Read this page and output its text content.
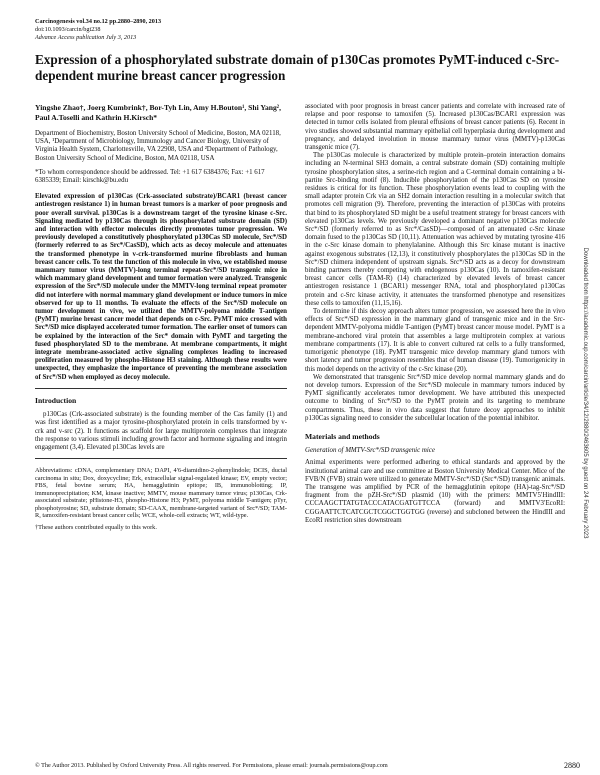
Carcinogenesis vol.34 no.12 pp.2880–2890, 2013
doi:10.1093/carcin/bgt238
Advance Access publication July 3, 2013
Expression of a phosphorylated substrate domain of p130Cas promotes PyMT-induced c-Src-dependent murine breast cancer progression
Yingshe Zhao†, Joerg Kumbrink†, Bor-Tyh Lin, Amy H.Bouton¹, Shi Yang², Paul A.Toselli and Kathrin H.Kirsch*
Department of Biochemistry, Boston University School of Medicine, Boston, MA 02118, USA, ¹Department of Microbiology, Immunology and Cancer Biology, University of Virginia Health System, Charlottesville, VA 22908, USA and ²Department of Pathology, Boston University School of Medicine, Boston, MA 02118, USA
*To whom correspondence should be addressed. Tel: +1 617 6384376; Fax: +1 617 6385339; Email: kirschk@bu.edu
Elevated expression of p130Cas (Crk-associated substrate)/BCAR1 (breast cancer antiestrogen resistance 1) in human breast tumors is a marker of poor prognosis and poor overall survival. p130Cas is a downstream target of the tyrosine kinase c-Src. Signaling mediated by p130Cas through its phosphorylated substrate domain (SD) and interaction with effector molecules directly promotes tumor progression. We previously developed a constitutively phosphorylated p130Cas SD molecule, Src*/SD (formerly referred to as Src*/CasSD), which acts as decoy molecule and attenuates the transformed phenotype in v-crk-transformed murine fibroblasts and human breast cancer cells. To test the function of this molecule in vivo, we established mouse mammary tumor virus (MMTV)-long terminal repeat-Src*/SD transgenic mice in which mammary gland development and tumor formation were analyzed. Transgenic expression of the Src*/SD molecule under the MMTV-long terminal repeat promoter did not interfere with normal mammary gland development or induce tumors in mice observed for up to 11 months. To evaluate the effects of the Src*/SD molecule on tumor development in vivo, we utilized the MMTV-polyoma middle T-antigen (PyMT) murine breast cancer model that depends on c-Src. PyMT mice crossed with Src*/SD mice displayed accelerated tumor formation. The earlier onset of tumors can be explained by the interaction of the Src* domain with PyMT and targeting the fused phosphorylated SD to the membrane. At membrane compartments, it might integrate membrane-associated active signaling complexes leading to increased proliferation measured by phospho-Histone H3 staining. Although these results were unexpected, they emphasize the importance of preventing the membrane association of Src*/SD when employed as decoy molecule.
Introduction

p130Cas (Crk-associated substrate) is the founding member of the Cas family (1) and was first identified as a major tyrosine-phosphorylated protein in cells transformed by v-crk and v-src (2). It functions as scaffold for large multiprotein complexes that integrate the response to various stimuli including growth factor and hormone signaling and integrin engagement (3,4). Elevated p130Cas levels are

Abbreviations: cDNA, complementary DNA; DAPI, 4′6-diamidino-2-phenylindole; DCIS, ductal carcinoma in situ; Dox, doxycycline; Erk, extracellular signal-regulated kinase; EV, empty vector; FBS, fetal bovine serum; HA, hemagglutinin epitope; IB, immunoblotting; IP, immunoprecipitation; KM, kinase inactive; MMTV, mouse mammary tumor virus; p130Cas, Crk-associated substrate; pHistone-H3, phospho-Histone H3; PyMT, polyoma middle T-antigen; pTyr, phosphotyrosine; SD, substrate domain; SD-CAAX, membrane-targeted variant of Src*/SD; TAM-R, tamoxifen-resistant breast cancer cells; WCE, whole-cell extracts; WT, wild-type.
†These authors contributed equally to this work.

associated with poor prognosis in breast cancer patients and correlate with increased rate of relapse and poor response to tamoxifen (5). Increased p130Cas/BCAR1 expression was detected in tumor cells isolated from pleural effusions of breast cancer patients (6). Recent in vivo studies showed substantial mammary epithelial cell hyperplasia during development and pregnancy, and delayed involution in mouse mammary tumor virus (MMTV)-p130Cas transgenic mice (7).

The p130Cas molecule is characterized by multiple protein–protein interaction domains including an N-terminal SH3 domain, a central substrate domain (SD) containing multiple tyrosine phosphorylation sites, a serine-rich region and a C-terminal domain containing a bi-partite Src-binding motif (8). Inducible phosphorylation of the p130Cas SD on tyrosine residues is critical for its function. These phosphorylation events lead to coupling with the small adapter protein Crk via an SH2 domain interaction resulting in a molecular switch that promotes cell migration (9). Therefore, preventing the interaction of p130Cas with proteins that bind to its phosphorylated SD might be a useful treatment strategy for breast cancers with elevated p130Cas levels. We previously developed a dominant negative p130Cas molecule Src*/SD (formerly referred to as Src*/CasSD)—composed of an attenuated c-Src kinase domain fused to the p130Cas SD (10,11). Attenuation was achieved by mutating tyrosine 416 in the c-Src kinase domain to phenylalanine. Although this Src kinase mutant is inactive against exogenous substrates (12,13), it constitutively phosphorylates the p130Cas SD in the Src*/SD chimera independent of upstream signals. Src*/SD acts as a decoy for downstream binding partners thereby competing with endogenous p130Cas (10). In tamoxifen-resistant breast cancer cells (TAM-R) (14) characterized by elevated levels of breast cancer antiestrogen resistance 1 (BCAR1) messenger RNA, total and phosphorylated p130Cas protein and c-Src kinase activity, it attenuates the transformed phenotype and resensitizes these cells to tamoxifen (11,15,16).

To determine if this decoy approach alters tumor progression, we assessed here the in vivo effects of Src*/SD expression in the mammary gland of transgenic mice and in the Src-dependent MMTV-polyoma middle T-antigen (PyMT) breast cancer mouse model. PyMT is a membrane-anchored viral protein that assembles a large multiprotein complex at various membrane compartments (17). It is able to convert cultured rat cells to a fully transformed, tumorigenic phenotype (18). PyMT transgenic mice develop mammary gland tumors with short latency and tumor progression resembles that of human disease (19). Tumorigenicity in this model depends on the activity of the c-Src kinase (20).

We demonstrated that transgenic Src*/SD mice develop normal mammary glands and do not develop tumors. Expression of the Src*/SD molecule in mammary tumors induced by PyMT significantly accelerates tumor development. We have attributed this unexpected outcome to binding of Src*/SD to the PyMT protein and its targeting to membrane compartments. Thus, these in vivo data suggest that future decoy approaches to inhibit p130Cas signaling need to consider the subcellular location of the potential inhibitor.

Materials and methods
Generation of MMTV-Src*/SD transgenic mice

Animal experiments were performed adhering to ethical standards and approved by the institutional animal care and use committee at Boston University Medical Center. Mice of the FVB/N (FVB) strain were utilized to generate MMTV-Src*/SD (Src*/SD) transgenic animals. The transgene was amplified by PCR of the hemagglutinin epitope (HA)-tag-Src*/SD fragment from the pZH-Src*/SD plasmid (10) with the primers: MMTV5′HindIII: CCCAAGCTTATGTACCCATACGATGTTCCA (forward) and MMTV3′EcoRI: CGGAATTCTCATCGCTCGGCTGGTGG (reverse) and subcloned between the HindIII and EcoRI restriction sites downstream

© The Author 2013. Published by Oxford University Press. All rights reserved. For Permissions, please email: journals.permissions@oup.com	2880
Downloaded from https://academic.oup.com/carcin/article/34/12/2880/2463605 by guest on 24 February 2023
